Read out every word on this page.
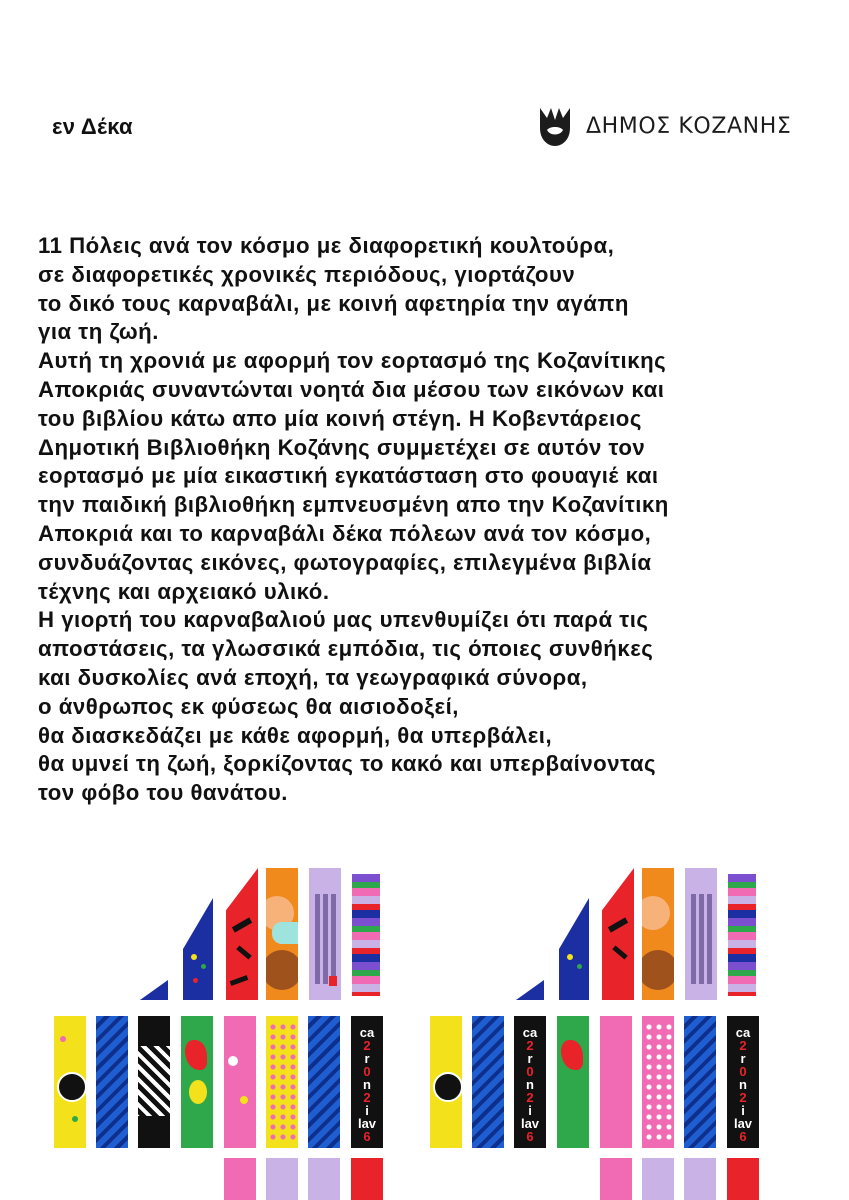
εν Δέκα	ΔΗΜΟΣ ΚΟΖΑΝΗΣ
11 Πόλεις ανά τον κόσμο με διαφορετική κουλτούρα,
σε διαφορετικές χρονικές περιόδους, γιορτάζουν
το δικό τους καρναβάλι, με κοινή αφετηρία την αγάπη
για τη ζωή.
Αυτή τη χρονιά με αφορμή τον εορτασμό της Κοζανίτικης
Αποκριάς συναντώνται νοητά δια μέσου των εικόνων και
του βιβλίου κάτω απο μία κοινή στέγη. Η Κοβεντάρειος
Δημοτική Βιβλιοθήκη Κοζάνης συμμετέχει σε αυτόν τον
εορτασμό με μία εικαστική εγκατάσταση στο φουαγιέ και
την παιδική βιβλιοθήκη εμπνευσμένη απο την Κοζανίτικη
Αποκριά και το καρναβάλι δέκα πόλεων ανά τον κόσμο,
συνδυάζοντας εικόνες, φωτογραφίες, επιλεγμένα βιβλία
τέχνης και αρχειακό υλικό.
Η γιορτή του καρναβαλιού μας υπενθυμίζει ότι παρά τις
αποστάσεις, τα γλωσσικά εμπόδια, τις όποιες συνθήκες
και δυσκολίες ανά εποχή, τα γεωγραφικά σύνορα,
ο άνθρωπος εκ φύσεως θα αισιοδοξεί,
θα διασκεδάζει με κάθε αφορμή, θα υπερβάλει,
θα υμνεί τη ζωή, ξορκίζοντας το κακό και υπερβαίνοντας
τον φόβο του θανάτου.
ca
2
r
0
n
2
i
lav
6
ca
2
r
0
n
2
i
lav
6
ca
2
r
0
n
2
i
lav
6
